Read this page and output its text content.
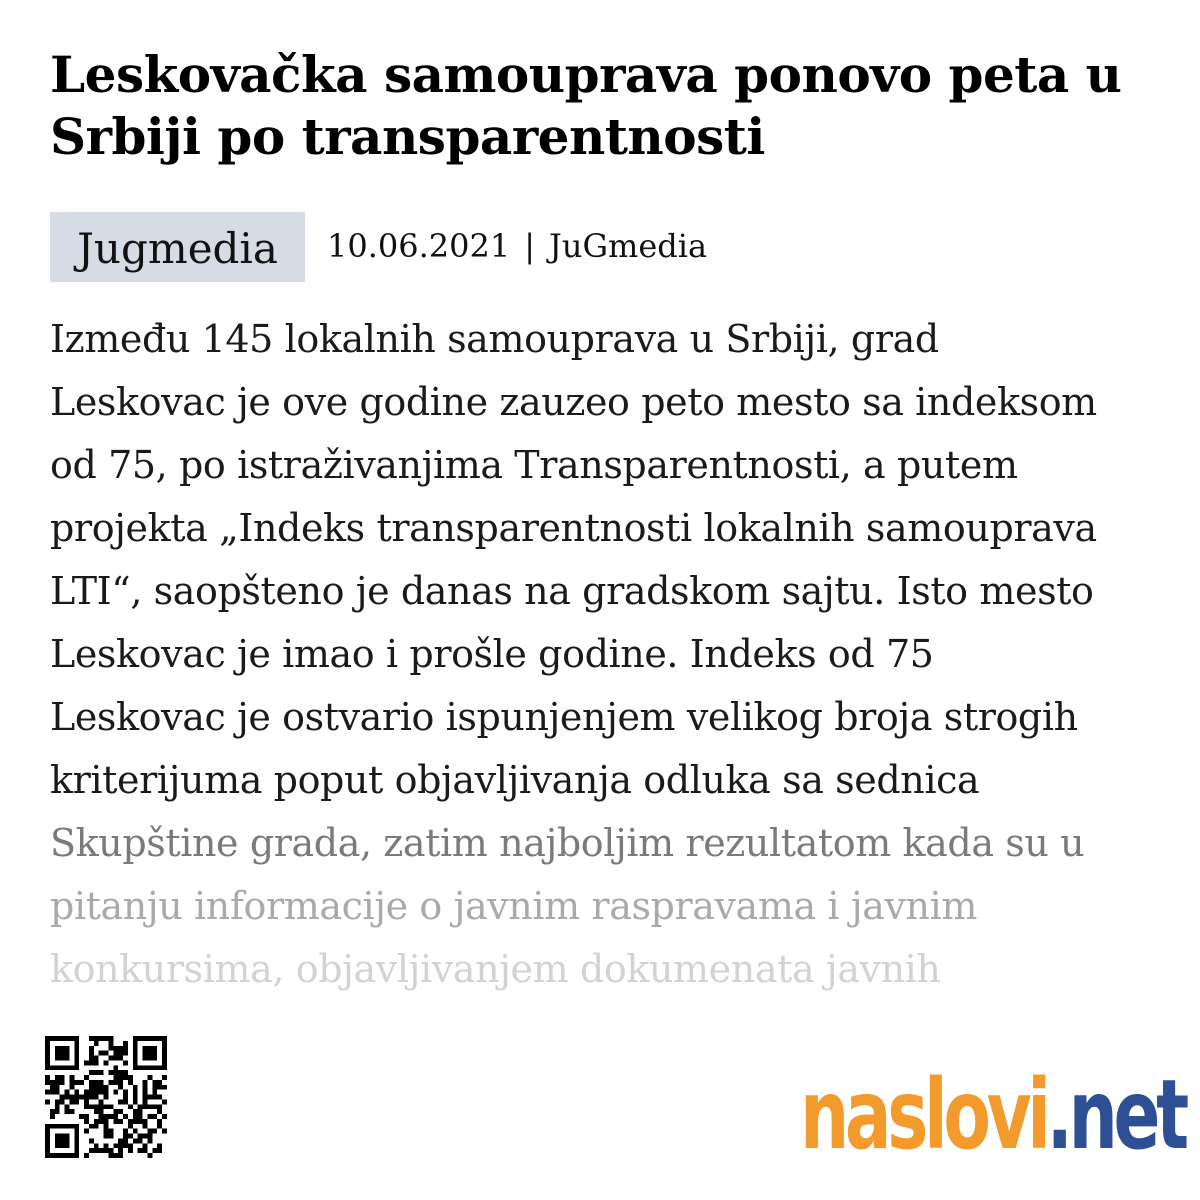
Leskovačka samouprava ponovo peta u Srbiji po transparentnosti
Jugmedia	10.06.2021 | JuGmedia
Između 145 lokalnih samouprava u Srbiji, grad
Leskovac je ove godine zauzeo peto mesto sa indeksom
od 75, po istraživanjima Transparentnosti, a putem
projekta „Indeks transparentnosti lokalnih samouprava
LTI“, saopšteno je danas na gradskom sajtu. Isto mesto
Leskovac je imao i prošle godine. Indeks od 75
Leskovac je ostvario ispunjenjem velikog broja strogih
kriterijuma poput objavljivanja odluka sa sednica
Skupštine grada, zatim najboljim rezultatom kada su u
pitanju informacije o javnim raspravama i javnim
konkursima, objavljivanjem dokumenata javnih
naslovi . net
